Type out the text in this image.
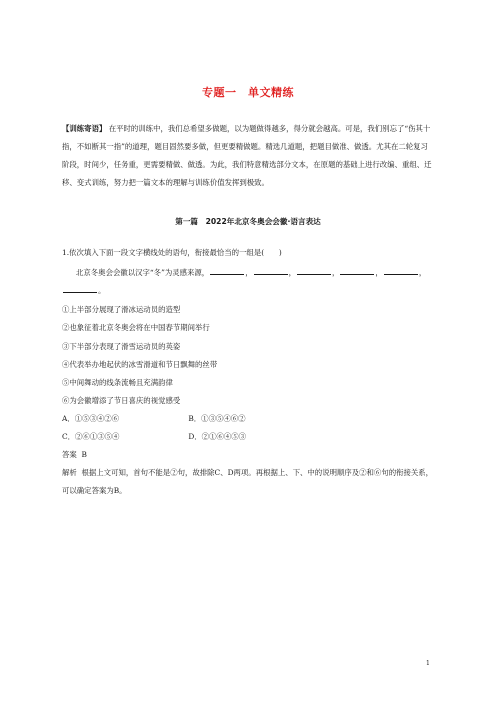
专题一　单文精练
【训练寄语】 在平时的训练中，我们总希望多做题，以为题做得越多，得分就会越高。可是，我们别忘了“伤其十指，不如断其一指”的道理，题目固然要多做，但更要精做题。精选几道题，把题目做准、做透。尤其在二轮复习阶段，时间少，任务重，更需要精做、做透。为此，我们特意精选部分文本，在原题的基础上进行改编、重组、迁移、变式训练，努力把一篇文本的理解与训练价值发挥到极致。
第一篇　2022年北京冬奥会会徽·语言表达
1.依次填入下面一段文字横线处的语句，衔接最恰当的一组是(　　)
北京冬奥会会徽以汉字“冬”为灵感来源，	，	，	，	，	，。
①上半部分展现了滑冰运动员的造型
②也象征着北京冬奥会将在中国春节期间举行
③下半部分表现了滑雪运动员的英姿
④代表举办地起伏的冰雪滑道和节日飘舞的丝带
⑤中间舞动的线条流畅且充满韵律
⑥为会徽增添了节日喜庆的视觉感受
A．①⑤③④②⑥	B．①③⑤④⑥②
C．②⑥①③⑤④	D．②①⑥④⑤③
答案 B
解析 根据上文可知，首句不能是②句，故排除C、D两项。再根据上、下、中的说明顺序及②和⑥句的衔接关系，可以确定答案为B。
1
